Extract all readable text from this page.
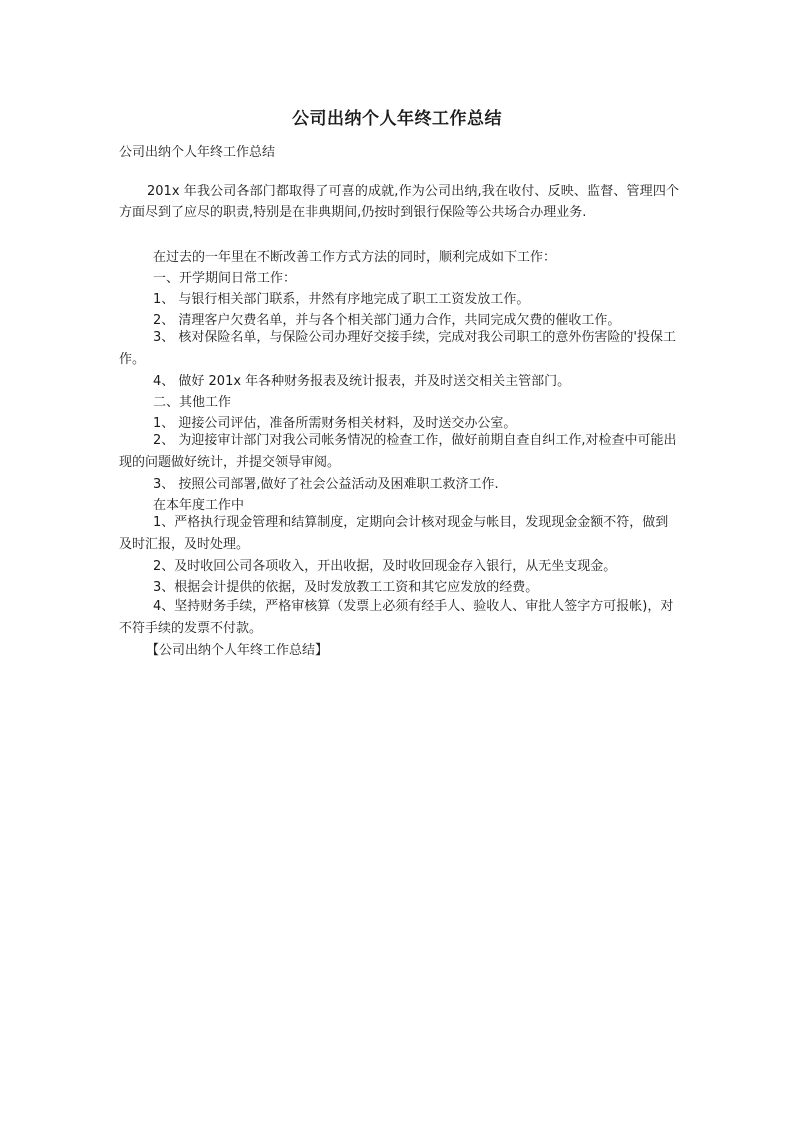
公司出纳个人年终工作总结
公司出纳个人年终工作总结
201x 年我公司各部门都取得了可喜的成就,作为公司出纳,我在收付、反映、监督、管理四个方面尽到了应尽的职责,特别是在非典期间,仍按时到银行保险等公共场合办理业务.
在过去的一年里在不断改善工作方式方法的同时，顺利完成如下工作：
一、开学期间日常工作：
1、 与银行相关部门联系，井然有序地完成了职工工资发放工作。
2、 清理客户欠费名单，并与各个相关部门通力合作，共同完成欠费的催收工作。
3、 核对保险名单，与保险公司办理好交接手续，完成对我公司职工的意外伤害险的'投保工作。
4、 做好 201x 年各种财务报表及统计报表，并及时送交相关主管部门。
二、其他工作
1、 迎接公司评估，准备所需财务相关材料，及时送交办公室。
2、 为迎接审计部门对我公司帐务情况的检查工作，做好前期自查自纠工作,对检查中可能出现的问题做好统计，并提交领导审阅。
3、 按照公司部署,做好了社会公益活动及困难职工救济工作.
在本年度工作中
1、严格执行现金管理和结算制度，定期向会计核对现金与帐目，发现现金金额不符，做到及时汇报，及时处理。
2、及时收回公司各项收入，开出收据，及时收回现金存入银行，从无坐支现金。
3、根据会计提供的依据，及时发放教工工资和其它应发放的经费。
4、坚持财务手续，严格审核算（发票上必须有经手人、验收人、审批人签字方可报帐)，对不符手续的发票不付款。
【公司出纳个人年终工作总结】
